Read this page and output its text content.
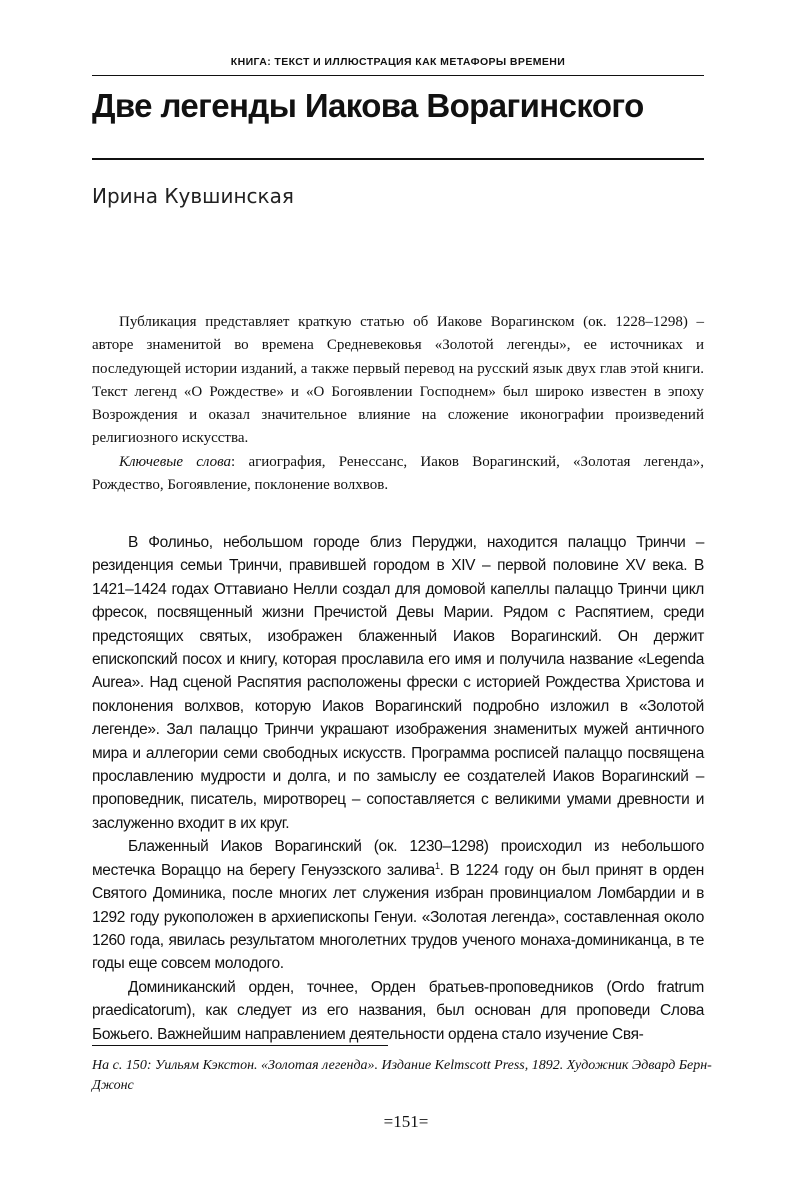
КНИГА: ТЕКСТ И ИЛЛЮСТРАЦИЯ КАК МЕТАФОРЫ ВРЕМЕНИ
Две легенды Иакова Ворагинского
Ирина Кувшинская

Публикация представляет краткую статью об Иакове Ворагинском (ок. 1228–1298) – авторе знаменитой во времена Средневековья «Золотой легенды», ее источниках и последующей истории изданий, а также первый перевод на русский язык двух глав этой книги. Текст легенд «О Рождестве» и «О Богоявлении Господнем» был широко известен в эпоху Возрождения и оказал значительное влияние на сложение иконографии произведений религиозного искусства.

Ключевые слова: агиография, Ренессанс, Иаков Ворагинский, «Золотая легенда», Рождество, Богоявление, поклонение волхвов.

В Фолиньо, небольшом городе близ Перуджи, находится палаццо Тринчи – резиденция семьи Тринчи, правившей городом в XIV – первой половине XV века. В 1421–1424 годах Оттавиано Нелли создал для домовой капеллы палаццо Тринчи цикл фресок, посвященный жизни Пречистой Девы Марии. Рядом с Распятием, среди предстоящих святых, изображен блаженный Иаков Ворагинский. Он держит епископский посох и книгу, которая прославила его имя и получила название «Legenda Aurea». Над сценой Распятия расположены фрески с историей Рождества Христова и поклонения волхвов, которую Иаков Ворагинский подробно изложил в «Золотой легенде». Зал палаццо Тринчи украшают изображения знаменитых мужей античного мира и аллегории семи свободных искусств. Программа росписей палаццо посвящена прославлению мудрости и долга, и по замыслу ее создателей Иаков Ворагинский – проповедник, писатель, миротворец – сопоставляется с великими умами древности и заслуженно входит в их круг.

Блаженный Иаков Ворагинский (ок. 1230–1298) происходил из небольшого местечка Вораццо на берегу Генуэзского залива$^1$. В 1224 году он был принят в орден Святого Доминика, после многих лет служения избран провинциалом Ломбардии и в 1292 году рукоположен в архиепископы Генуи. «Золотая легенда», составленная около 1260 года, явилась результатом многолетних трудов ученого монаха-доминиканца, в те годы еще совсем молодого.

Доминиканский орден, точнее, Орден братьев-проповедников (Ordo fratrum praedicatorum), как следует из его названия, был основан для проповеди Слова Божьего. Важнейшим направлением деятельности ордена стало изучение Свя-

На с. 150: Уильям Кэкстон. «Золотая легенда». Издание Kelmscott Press, 1892. Художник Эдвард Берн-Джонс
=151=
